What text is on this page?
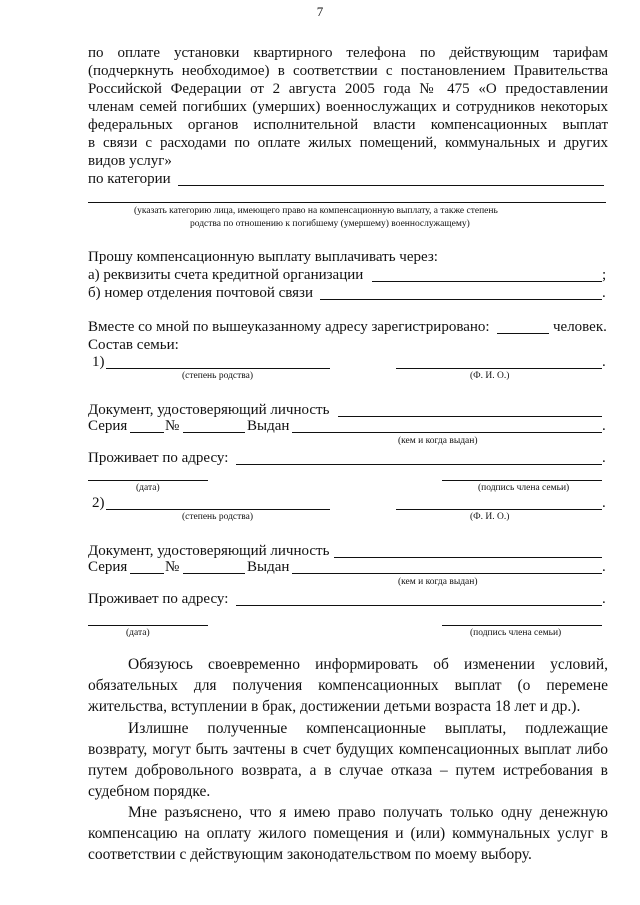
7
по оплате установки квартирного телефона по действующим тарифам
(подчеркнуть необходимое) в соответствии с постановлением Правительства
Российской Федерации от 2 августа 2005 года № 475 «О предоставлении
членам семей погибших (умерших) военнослужащих и сотрудников некоторых
федеральных органов исполнительной власти компенсационных выплат
в связи с расходами по оплате жилых помещений, коммунальных и других
видов услуг»
по категории
(указать категорию лица, имеющего право на компенсационную выплату, а также степень
родства по отношению к погибшему (умершему) военнослужащему)
Прошу компенсационную выплату выплачивать через:
а) реквизиты счета кредитной организации	;
б) номер отделения почтовой связи	.
Вместе со мной по вышеуказанному адресу зарегистрировано:	человек.
Состав семьи:
1)	.
(степень родства)	(Ф. И. О.)
Документ, удостоверяющий личность
Серия	№	Выдан	.
(кем и когда выдан)
Проживает по адресу:	.
(дата)	(подпись члена семьи)
2)	.
(степень родства)	(Ф. И. О.)
Документ, удостоверяющий личность
Серия	№	Выдан	.
(кем и когда выдан)
Проживает по адресу:	.
(дата)	(подпись члена семьи)
Обязуюсь своевременно информировать об изменении условий, обязательных для получения компенсационных выплат (о перемене жительства, вступлении в брак, достижении детьми возраста 18 лет и др.).
Излишне полученные компенсационные выплаты, подлежащие возврату, могут быть зачтены в счет будущих компенсационных выплат либо путем добровольного возврата, а в случае отказа – путем истребования в судебном порядке.
Мне разъяснено, что я имею право получать только одну денежную компенсацию на оплату жилого помещения и (или) коммунальных услуг в соответствии с действующим законодательством по моему выбору.
